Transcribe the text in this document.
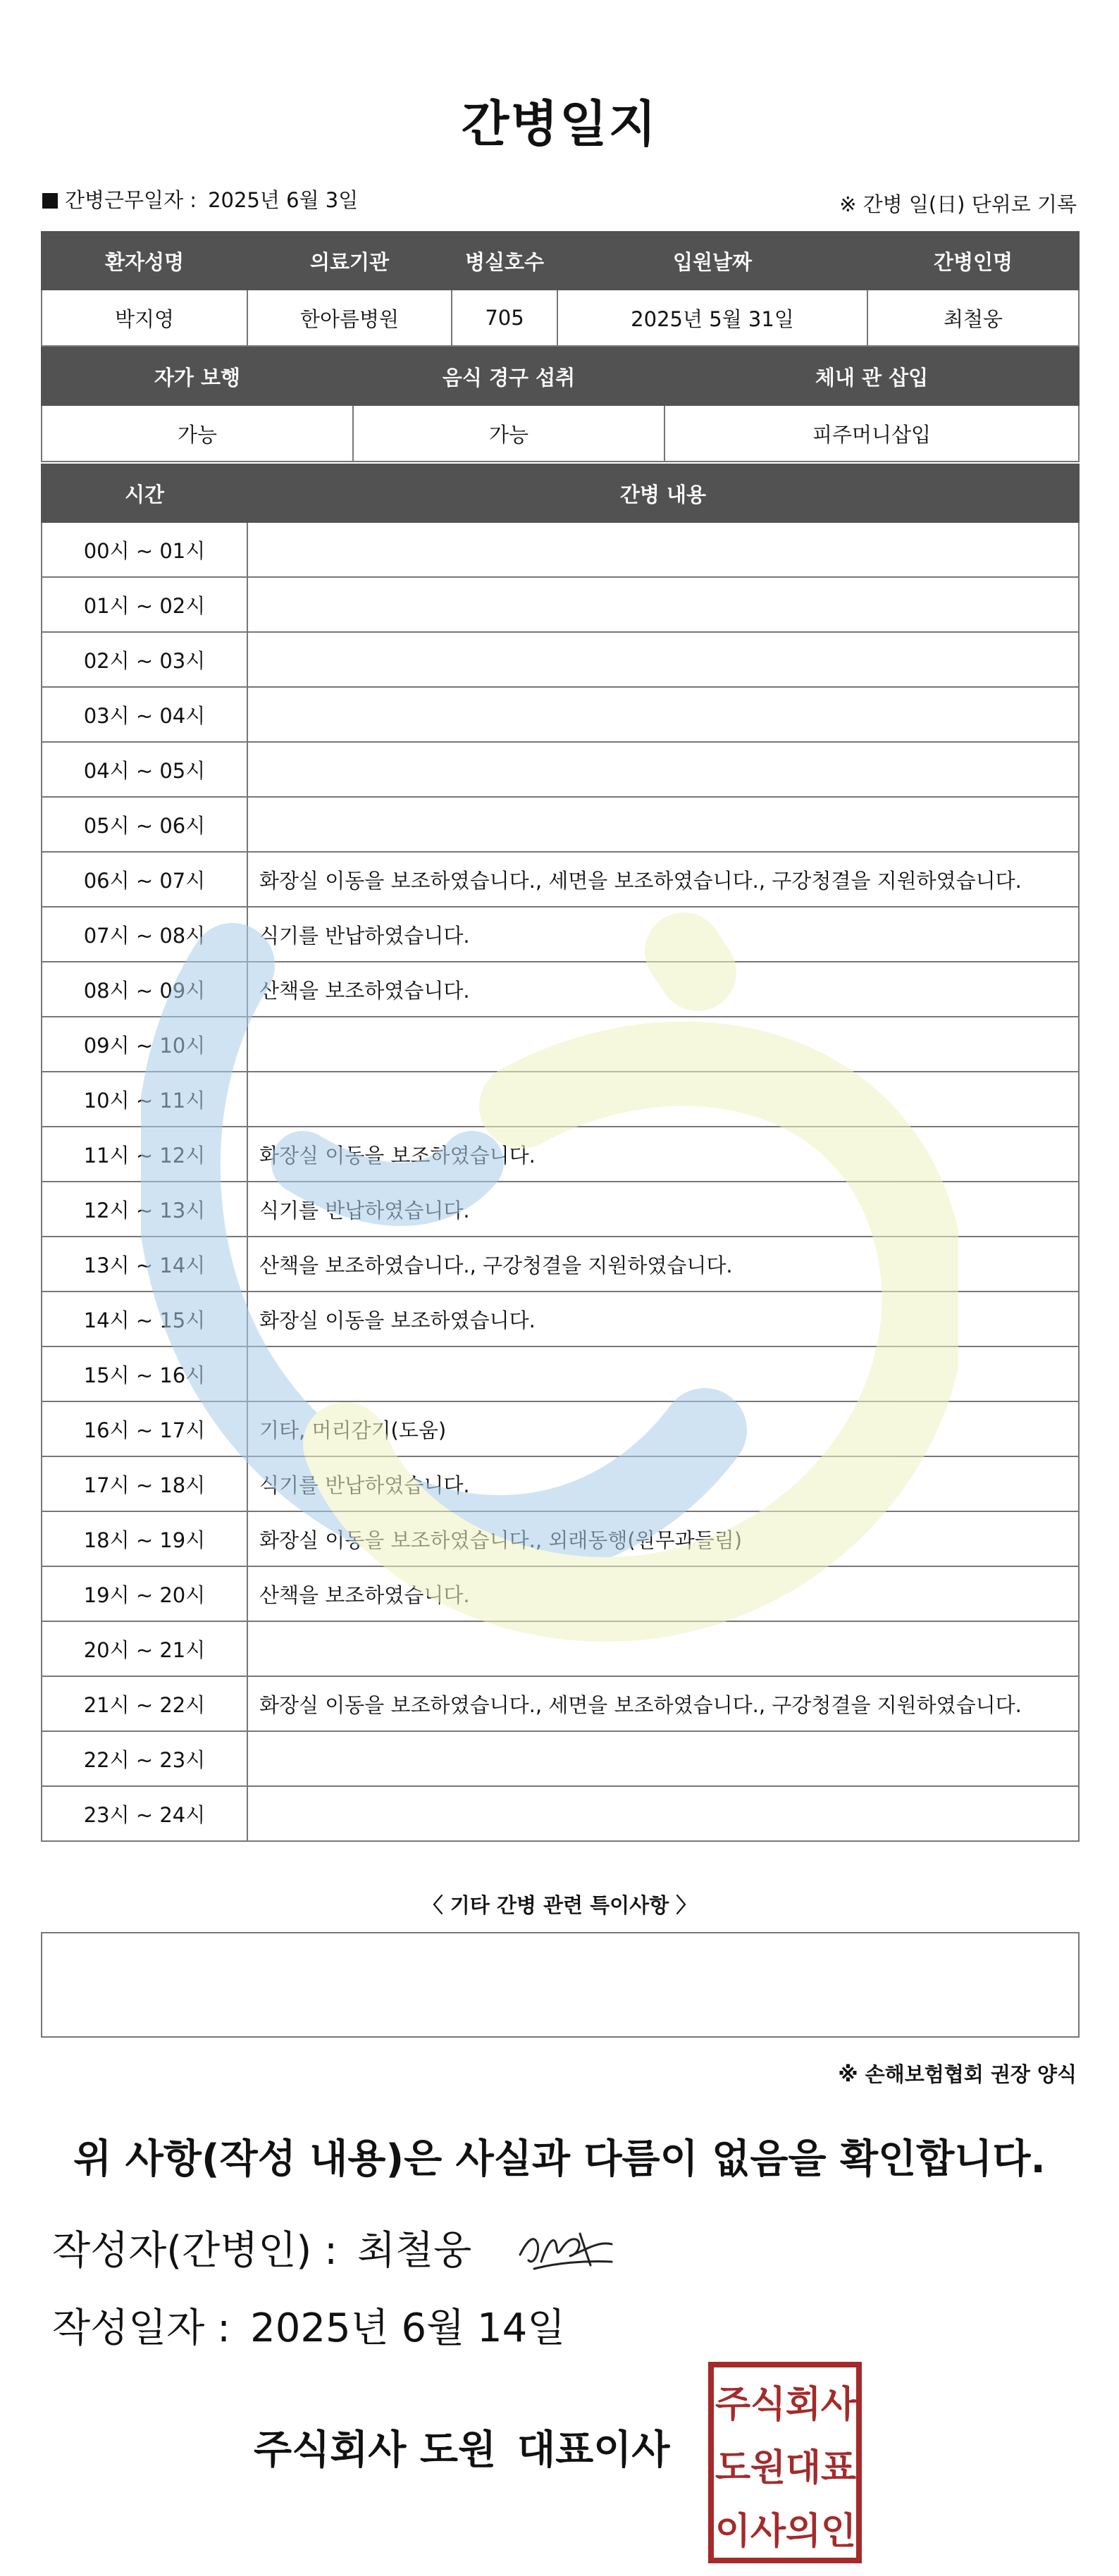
간병일지
간병근무일자 : 2025년 6월 3일	※ 간병 일(日) 단위로 기록
환자성명	의료기관	병실호수	입원날짜	간병인명
박지영	한아름병원	705	2025년 5월 31일	최철웅
자가 보행	음식 경구 섭취	체내 관 삽입
가능	가능	피주머니삽입
시간	간병 내용
00시 ~ 01시	
01시 ~ 02시	
02시 ~ 03시	
03시 ~ 04시	
04시 ~ 05시	
05시 ~ 06시	
06시 ~ 07시	화장실 이동을 보조하였습니다., 세면을 보조하였습니다., 구강청결을 지원하였습니다.
07시 ~ 08시	식기를 반납하였습니다.
08시 ~ 09시	산책을 보조하였습니다.
09시 ~ 10시	
10시 ~ 11시	
11시 ~ 12시	화장실 이동을 보조하였습니다.
12시 ~ 13시	식기를 반납하였습니다.
13시 ~ 14시	산책을 보조하였습니다., 구강청결을 지원하였습니다.
14시 ~ 15시	화장실 이동을 보조하였습니다.
15시 ~ 16시	
16시 ~ 17시	기타, 머리감기(도움)
17시 ~ 18시	식기를 반납하였습니다.
18시 ~ 19시	화장실 이동을 보조하였습니다., 외래동행(원무과들림)
19시 ~ 20시	산책을 보조하였습니다.
20시 ~ 21시	
21시 ~ 22시	화장실 이동을 보조하였습니다., 세면을 보조하였습니다., 구강청결을 지원하였습니다.
22시 ~ 23시	
23시 ~ 24시	
〈 기타 간병 관련 특이사항 〉
※ 손해보험협회 권장 양식
위 사항(작성 내용)은 사실과 다름이 없음을 확인합니다.
작성자(간병인) : 최철웅
작성일자 : 2025년 6월 14일
주식회사 도원 대표이사
주 식 회 사
도 원 대 표
이 사 의 인
